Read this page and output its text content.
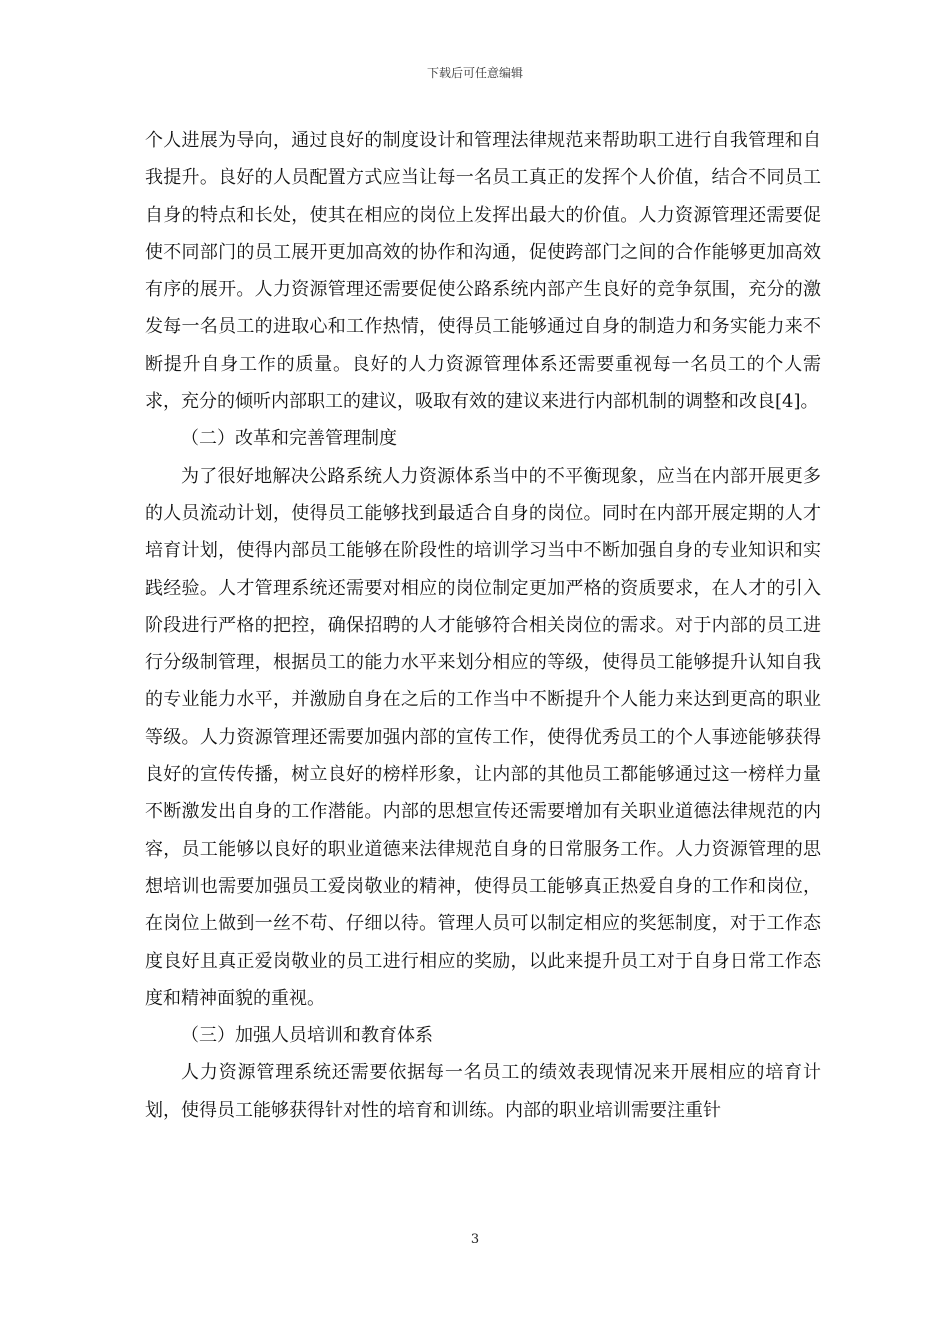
下载后可任意编辑

个人进展为导向，通过良好的制度设计和管理法律规范来帮助职工进行自我管理和自我提升。良好的人员配置方式应当让每一名员工真正的发挥个人价值，结合不同员工自身的特点和长处，使其在相应的岗位上发挥出最大的价值。人力资源管理还需要促使不同部门的员工展开更加高效的协作和沟通，促使跨部门之间的合作能够更加高效有序的展开。人力资源管理还需要促使公路系统内部产生良好的竞争氛围，充分的激发每一名员工的进取心和工作热情，使得员工能够通过自身的制造力和务实能力来不断提升自身工作的质量。良好的人力资源管理体系还需要重视每一名员工的个人需求，充分的倾听内部职工的建议，吸取有效的建议来进行内部机制的调整和改良[4]。

（二）改革和完善管理制度

为了很好地解决公路系统人力资源体系当中的不平衡现象，应当在内部开展更多的人员流动计划，使得员工能够找到最适合自身的岗位。同时在内部开展定期的人才培育计划，使得内部员工能够在阶段性的培训学习当中不断加强自身的专业知识和实践经验。人才管理系统还需要对相应的岗位制定更加严格的资质要求，在人才的引入阶段进行严格的把控，确保招聘的人才能够符合相关岗位的需求。对于内部的员工进行分级制管理，根据员工的能力水平来划分相应的等级，使得员工能够提升认知自我的专业能力水平，并激励自身在之后的工作当中不断提升个人能力来达到更高的职业等级。人力资源管理还需要加强内部的宣传工作，使得优秀员工的个人事迹能够获得良好的宣传传播，树立良好的榜样形象，让内部的其他员工都能够通过这一榜样力量不断激发出自身的工作潜能。内部的思想宣传还需要增加有关职业道德法律规范的内容，员工能够以良好的职业道德来法律规范自身的日常服务工作。人力资源管理的思想培训也需要加强员工爱岗敬业的精神，使得员工能够真正热爱自身的工作和岗位，在岗位上做到一丝不苟、仔细以待。管理人员可以制定相应的奖惩制度，对于工作态度良好且真正爱岗敬业的员工进行相应的奖励，以此来提升员工对于自身日常工作态度和精神面貌的重视。

（三）加强人员培训和教育体系

人力资源管理系统还需要依据每一名员工的绩效表现情况来开展相应的培育计划，使得员工能够获得针对性的培育和训练。内部的职业培训需要注重针

3
